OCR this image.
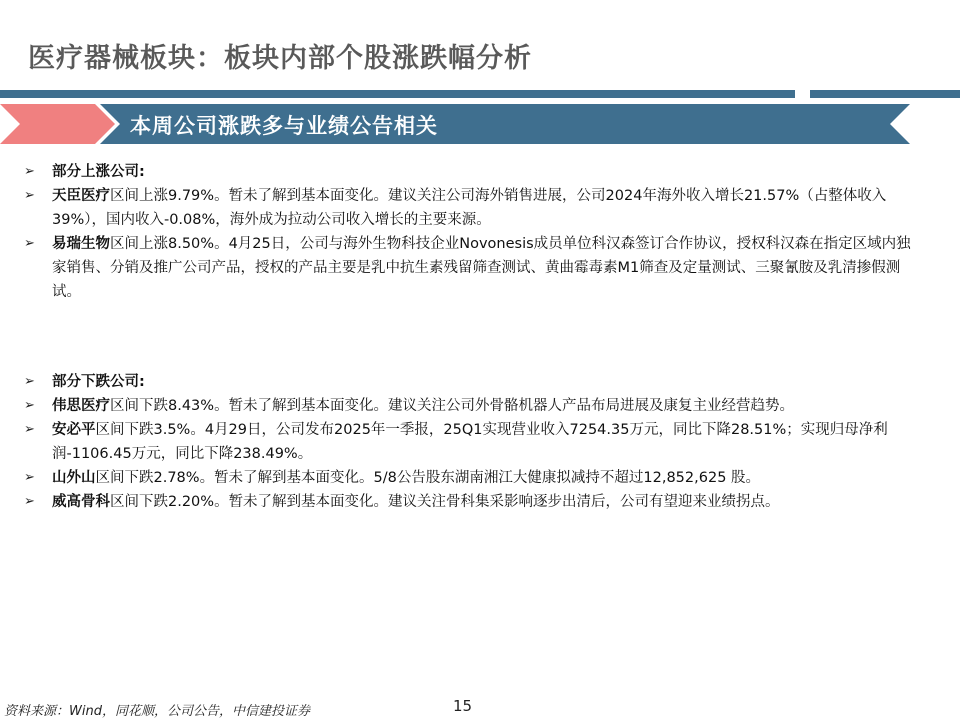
医疗器械板块：板块内部个股涨跌幅分析
本周公司涨跌多与业绩公告相关
➢ 部分上涨公司:
➢ 天臣医疗区间上涨9.79%。暂未了解到基本面变化。建议关注公司海外销售进展，公司2024年海外收入增长21.57%（占整体收入39%），国内收入-0.08%，海外成为拉动公司收入增长的主要来源。
➢ 易瑞生物区间上涨8.50%。4月25日，公司与海外生物科技企业Novonesis成员单位科汉森签订合作协议，授权科汉森在指定区域内独家销售、分销及推广公司产品，授权的产品主要是乳中抗生素残留筛查测试、黄曲霉毒素M1筛查及定量测试、三聚氰胺及乳清掺假测试。
➢ 部分下跌公司:
➢ 伟思医疗区间下跌8.43%。暂未了解到基本面变化。建议关注公司外骨骼机器人产品布局进展及康复主业经营趋势。
➢ 安必平区间下跌3.5%。4月29日，公司发布2025年一季报，25Q1实现营业收入7254.35万元，同比下降28.51%；实现归母净利润-1106.45万元，同比下降238.49%。
➢ 山外山区间下跌2.78%。暂未了解到基本面变化。5/8公告股东湖南湘江大健康拟减持不超过12,852,625 股。
➢ 威高骨科区间下跌2.20%。暂未了解到基本面变化。建议关注骨科集采影响逐步出清后，公司有望迎来业绩拐点。
资料来源：Wind，同花顺，公司公告，中信建投证券	15
